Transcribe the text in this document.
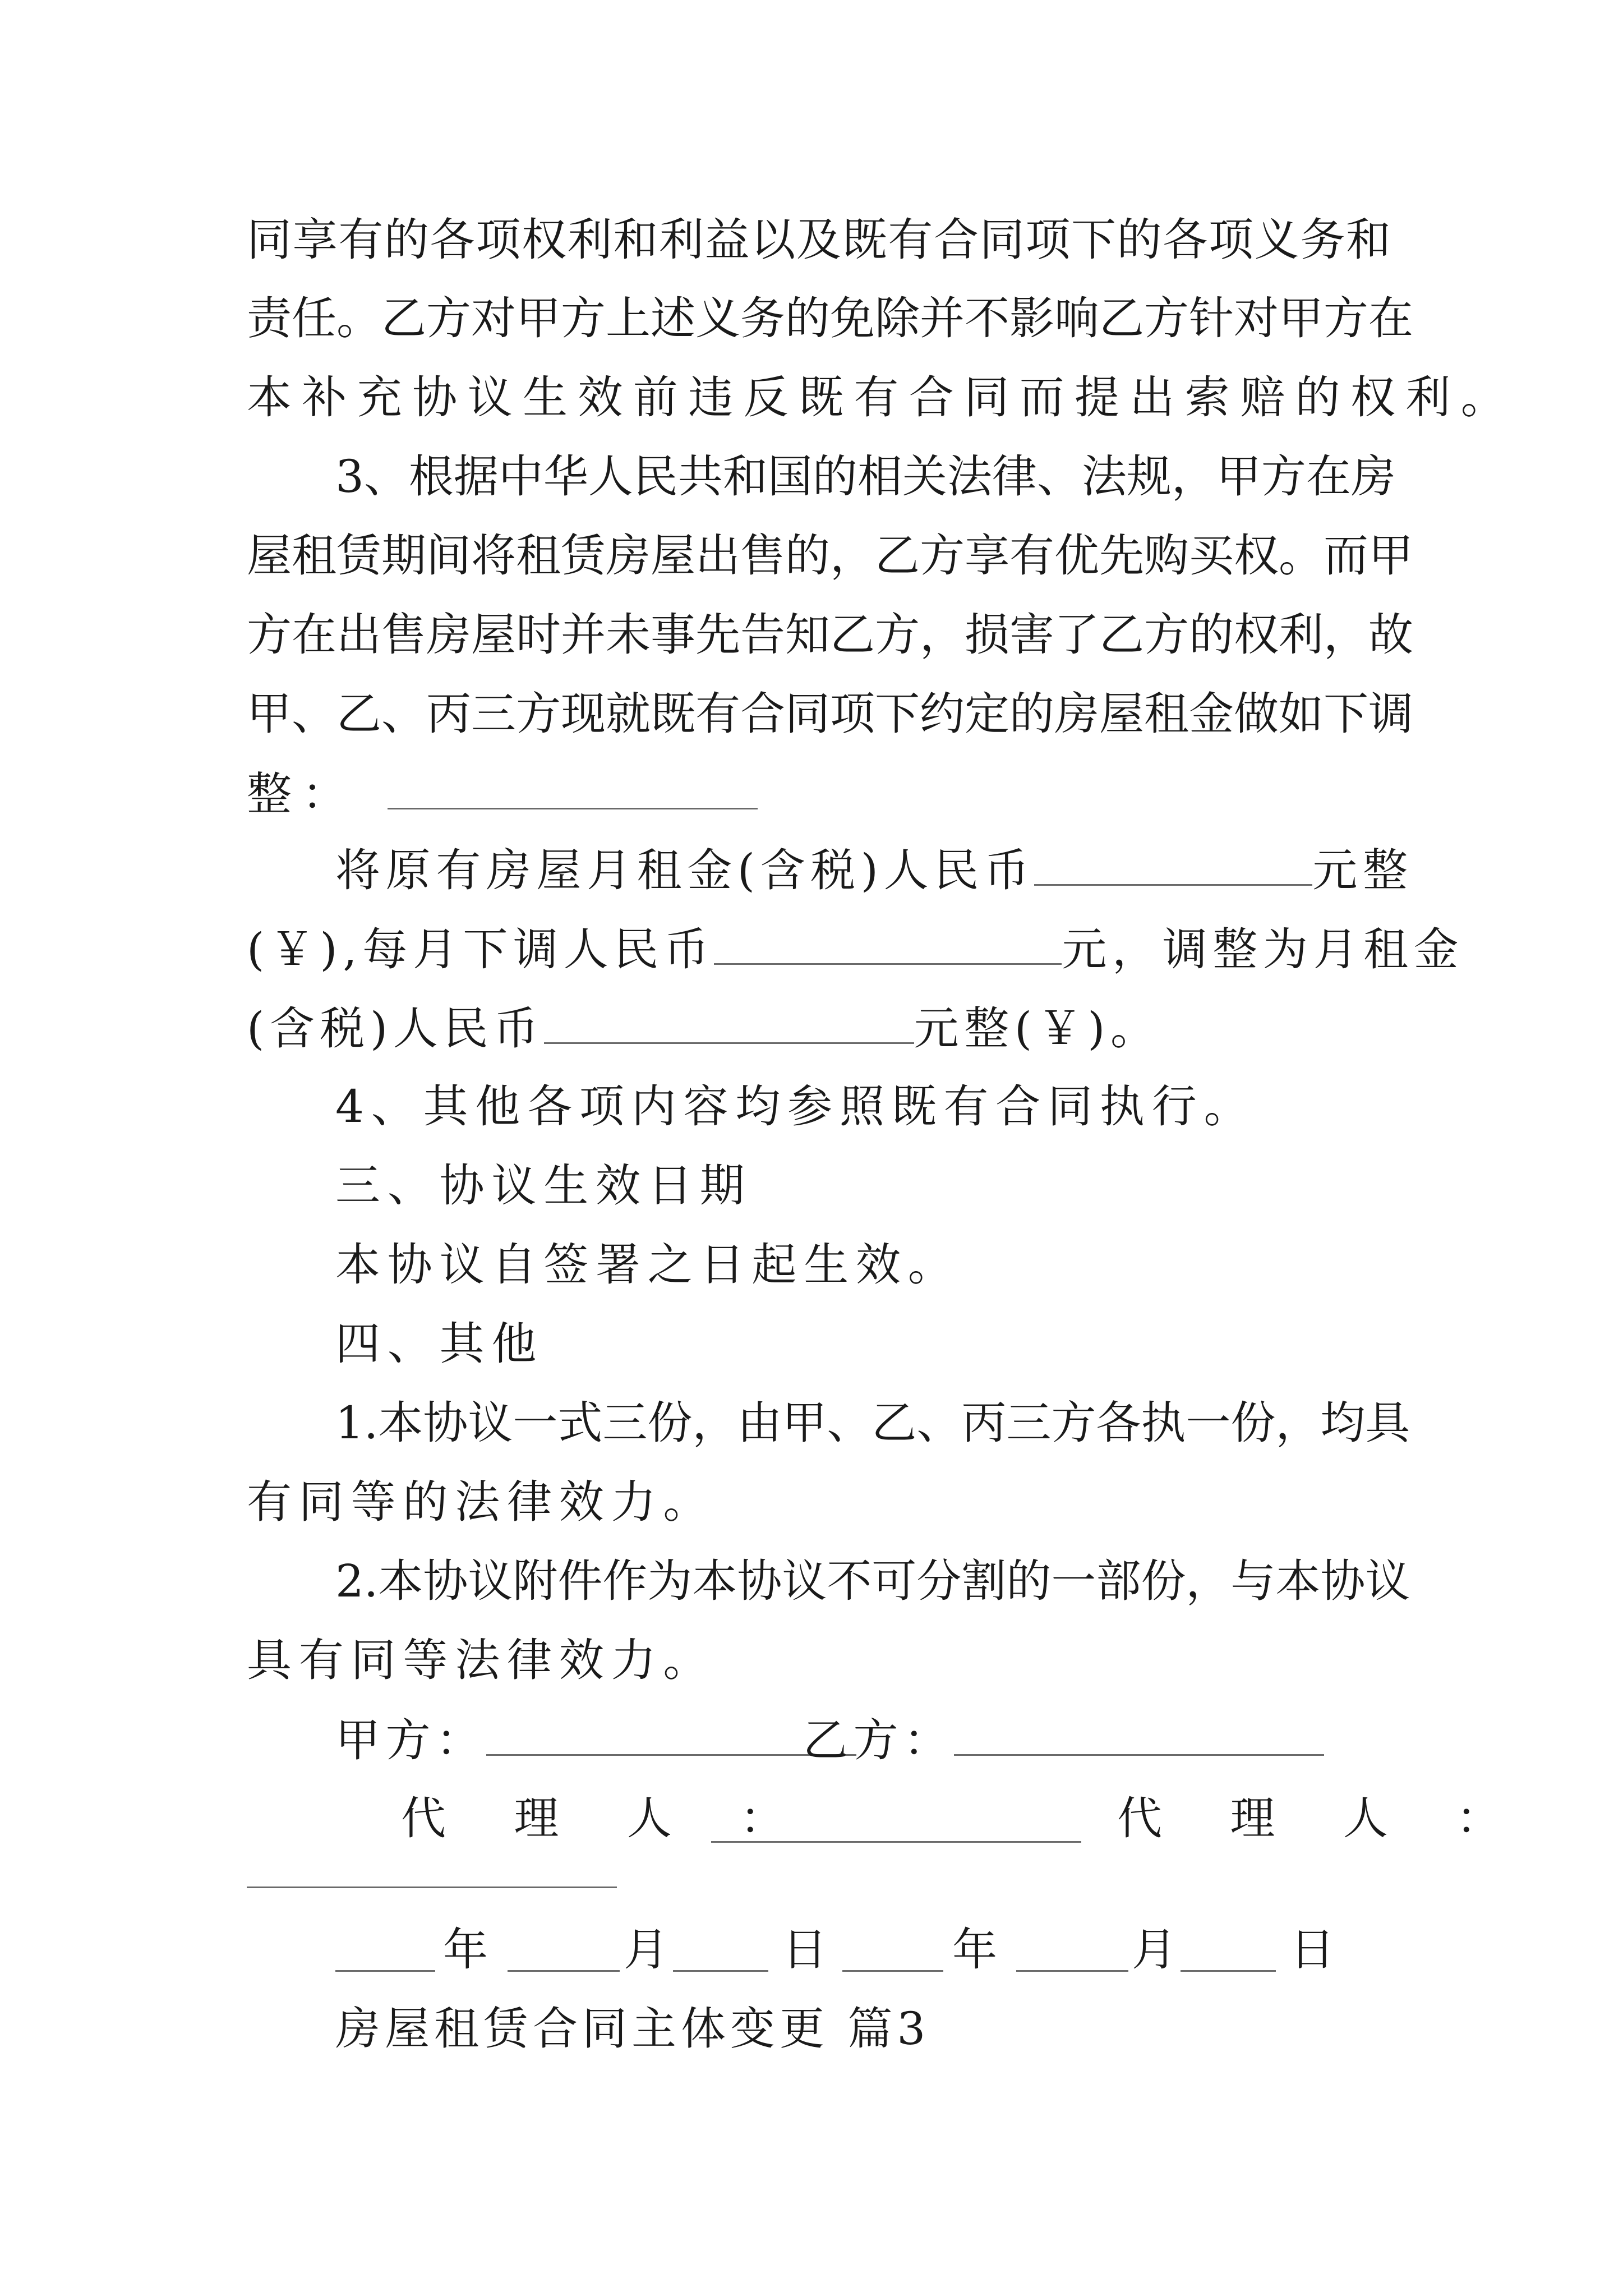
同享有的各项权利和利益以及既有合同项下的各项义务和
责任。乙方对甲方上述义务的免除并不影响乙方针对甲方在
本补充协议生效前违反既有合同而提出索赔的权利。
3、根据中华人民共和国的相关法律、法规，甲方在房
屋租赁期间将租赁房屋出售的，乙方享有优先购买权。而甲
方在出售房屋时并未事先告知乙方，损害了乙方的权利，故
甲、乙、丙三方现就既有合同项下约定的房屋租金做如下调
整：
将原有房屋月租金(含税)人民币	元整
(￥),每月下调人民币	元，调整为月租金
(含税)人民币	元整(￥)。
4、其他各项内容均参照既有合同执行。
三、协议生效日期
本协议自签署之日起生效。
四、其他
1.本协议一式三份，由甲、乙、丙三方各执一份，均具
有同等的法律效力。
2.本协议附件作为本协议不可分割的一部份，与本协议
具有同等法律效力。
甲方：	乙方：
代 理 人 ：	代 理 人 ：
年	月	日	年	月	日
房屋租赁合同主体变更 篇3
